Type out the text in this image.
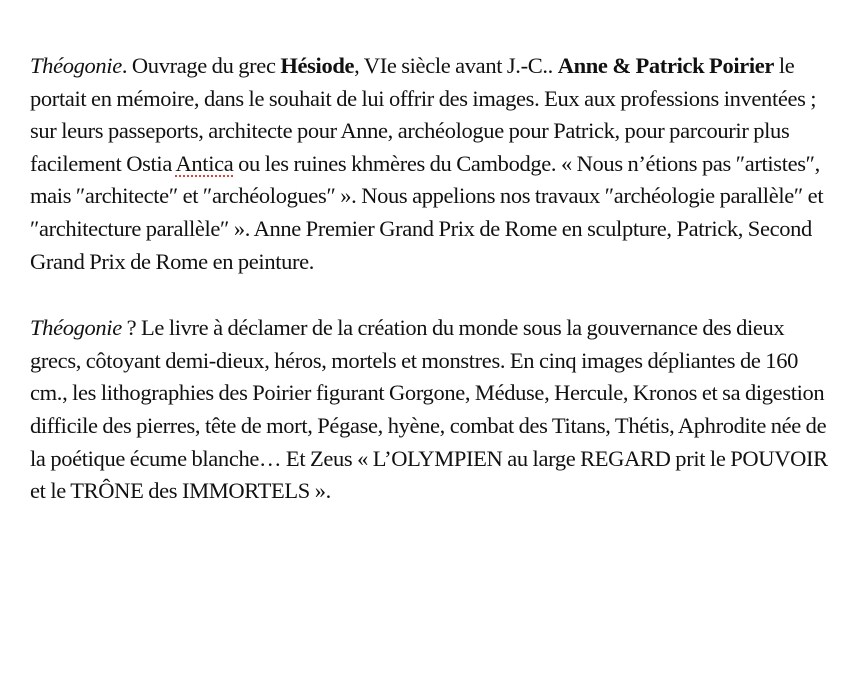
Théogonie. Ouvrage du grec Hésiode, VIe siècle avant J.-C.. Anne & Patrick Poirier le portait en mémoire, dans le souhait de lui offrir des images. Eux aux professions inventées ; sur leurs passeports, architecte pour Anne, archéologue pour Patrick, pour parcourir plus facilement Ostia Antica ou les ruines khmères du Cambodge. « Nous n’étions pas ″artistes″, mais ″architecte″ et ″archéologues″ ». Nous appelions nos travaux ″archéologie parallèle″ et ″architecture parallèle″ ». Anne Premier Grand Prix de Rome en sculpture, Patrick, Second Grand Prix de Rome en peinture.

Théogonie ? Le livre à déclamer de la création du monde sous la gouvernance des dieux grecs, côtoyant demi-dieux, héros, mortels et monstres. En cinq images dépliantes de 160 cm., les lithographies des Poirier figurant Gorgone, Méduse, Hercule, Kronos et sa digestion difficile des pierres, tête de mort, Pégase, hyène, combat des Titans, Thétis, Aphrodite née de la poétique écume blanche… Et Zeus « L’OLYMPIEN au large REGARD prit le POUVOIR et le TRÔNE des IMMORTELS ».
